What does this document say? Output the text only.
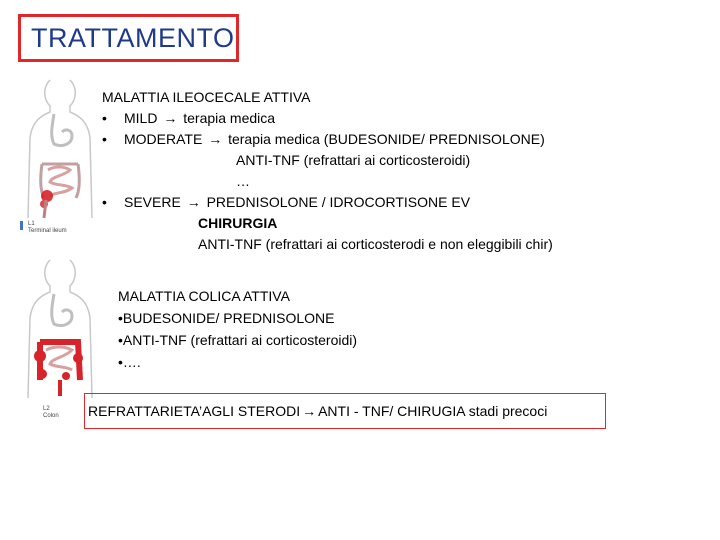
TRATTAMENTO
L1
Terminal ileum
L2
Colon
MALATTIA ILEOCECALE ATTIVA
• MILD → terapia medica
• MODERATE → terapia medica (BUDESONIDE/ PREDNISOLONE)
ANTI-TNF (refrattari ai corticosteroidi)
…
• SEVERE → PREDNISOLONE / IDROCORTISONE EV
CHIRURGIA
ANTI-TNF (refrattari ai corticosterodi e non eleggibili chir)
MALATTIA COLICA ATTIVA
•BUDESONIDE/ PREDNISOLONE
•ANTI-TNF (refrattari ai corticosteroidi)
•….
REFRATTARIETA’AGLI STERODI → ANTI - TNF/ CHIRUGIA stadi precoci
